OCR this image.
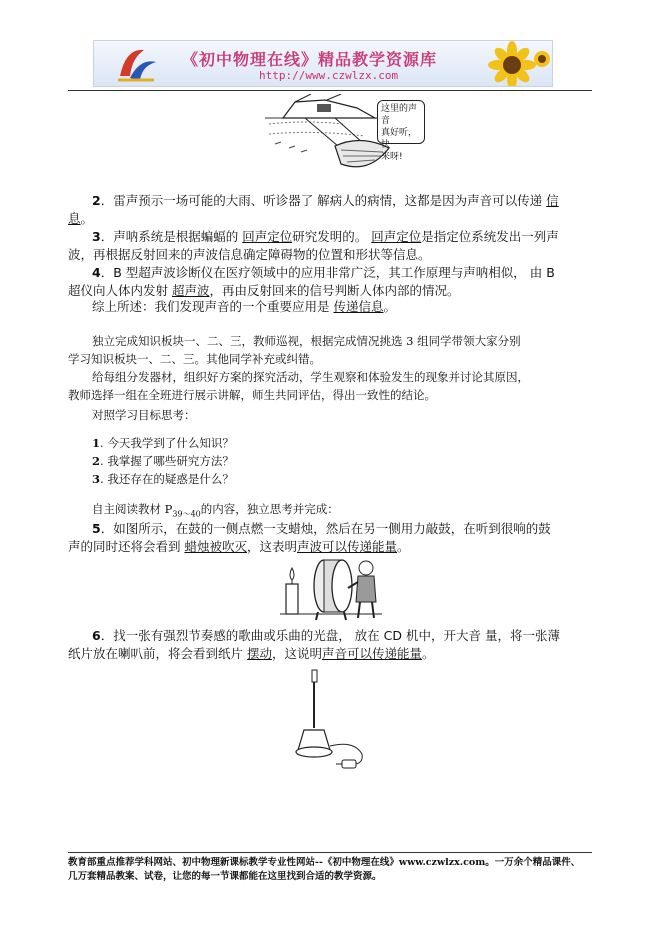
《初中物理在线》精品教学资源库
http://www.czwlzx.com
这里的声音
真好听，快
来呀!

2．雷声预示一场可能的大雨、听诊器了 解病人的病情，这都是因为声音可以传递 信

息。

3．声呐系统是根据蝙蝠的 回声定位研究发明的。 回声定位是指定位系统发出一列声

波，再根据反射回来的声波信息确定障碍物的位置和形状等信息。

4．B 型超声波诊断仪在医疗领域中的应用非常广泛，其工作原理与声呐相似， 由 B

超仪向人体内发射 超声波，再由反射回来的信号判断人体内部的情况。

综上所述：我们发现声音的一个重要应用是 传递信息。

独立完成知识板块一、二、三，教师巡视，根据完成情况挑选 3 组同学带领大家分别

学习知识板块一、二、三。其他同学补充或纠错。

给每组分发器材，组织好方案的探究活动，学生观察和体验发生的现象并讨论其原因，

教师选择一组在全班进行展示讲解，师生共同评估，得出一致性的结论。

对照学习目标思考：

1. 今天我学到了什么知识？

2. 我掌握了哪些研究方法？

3. 我还存在的疑惑是什么？

自主阅读教材 $P_{39\sim 40}$的内容，独立思考并完成：

5．如图所示，在鼓的一侧点燃一支蜡烛，然后在另一侧用力敲鼓，在听到很响的鼓

声的同时还将会看到 蜡烛被吹灭，这表明声波可以传递能量。

6．找一张有强烈节奏感的歌曲或乐曲的光盘， 放在 CD 机中，开大音 量，将一张薄

纸片放在喇叭前，将会看到纸片 摆动，这说明声音可以传递能量。

教育部重点推荐学科网站、初中物理新课标教学专业性网站--《初中物理在线》www.czwlzx.com。一万余个精品课件、
几万套精品教案、试卷，让您的每一节课都能在这里找到合适的教学资源。
